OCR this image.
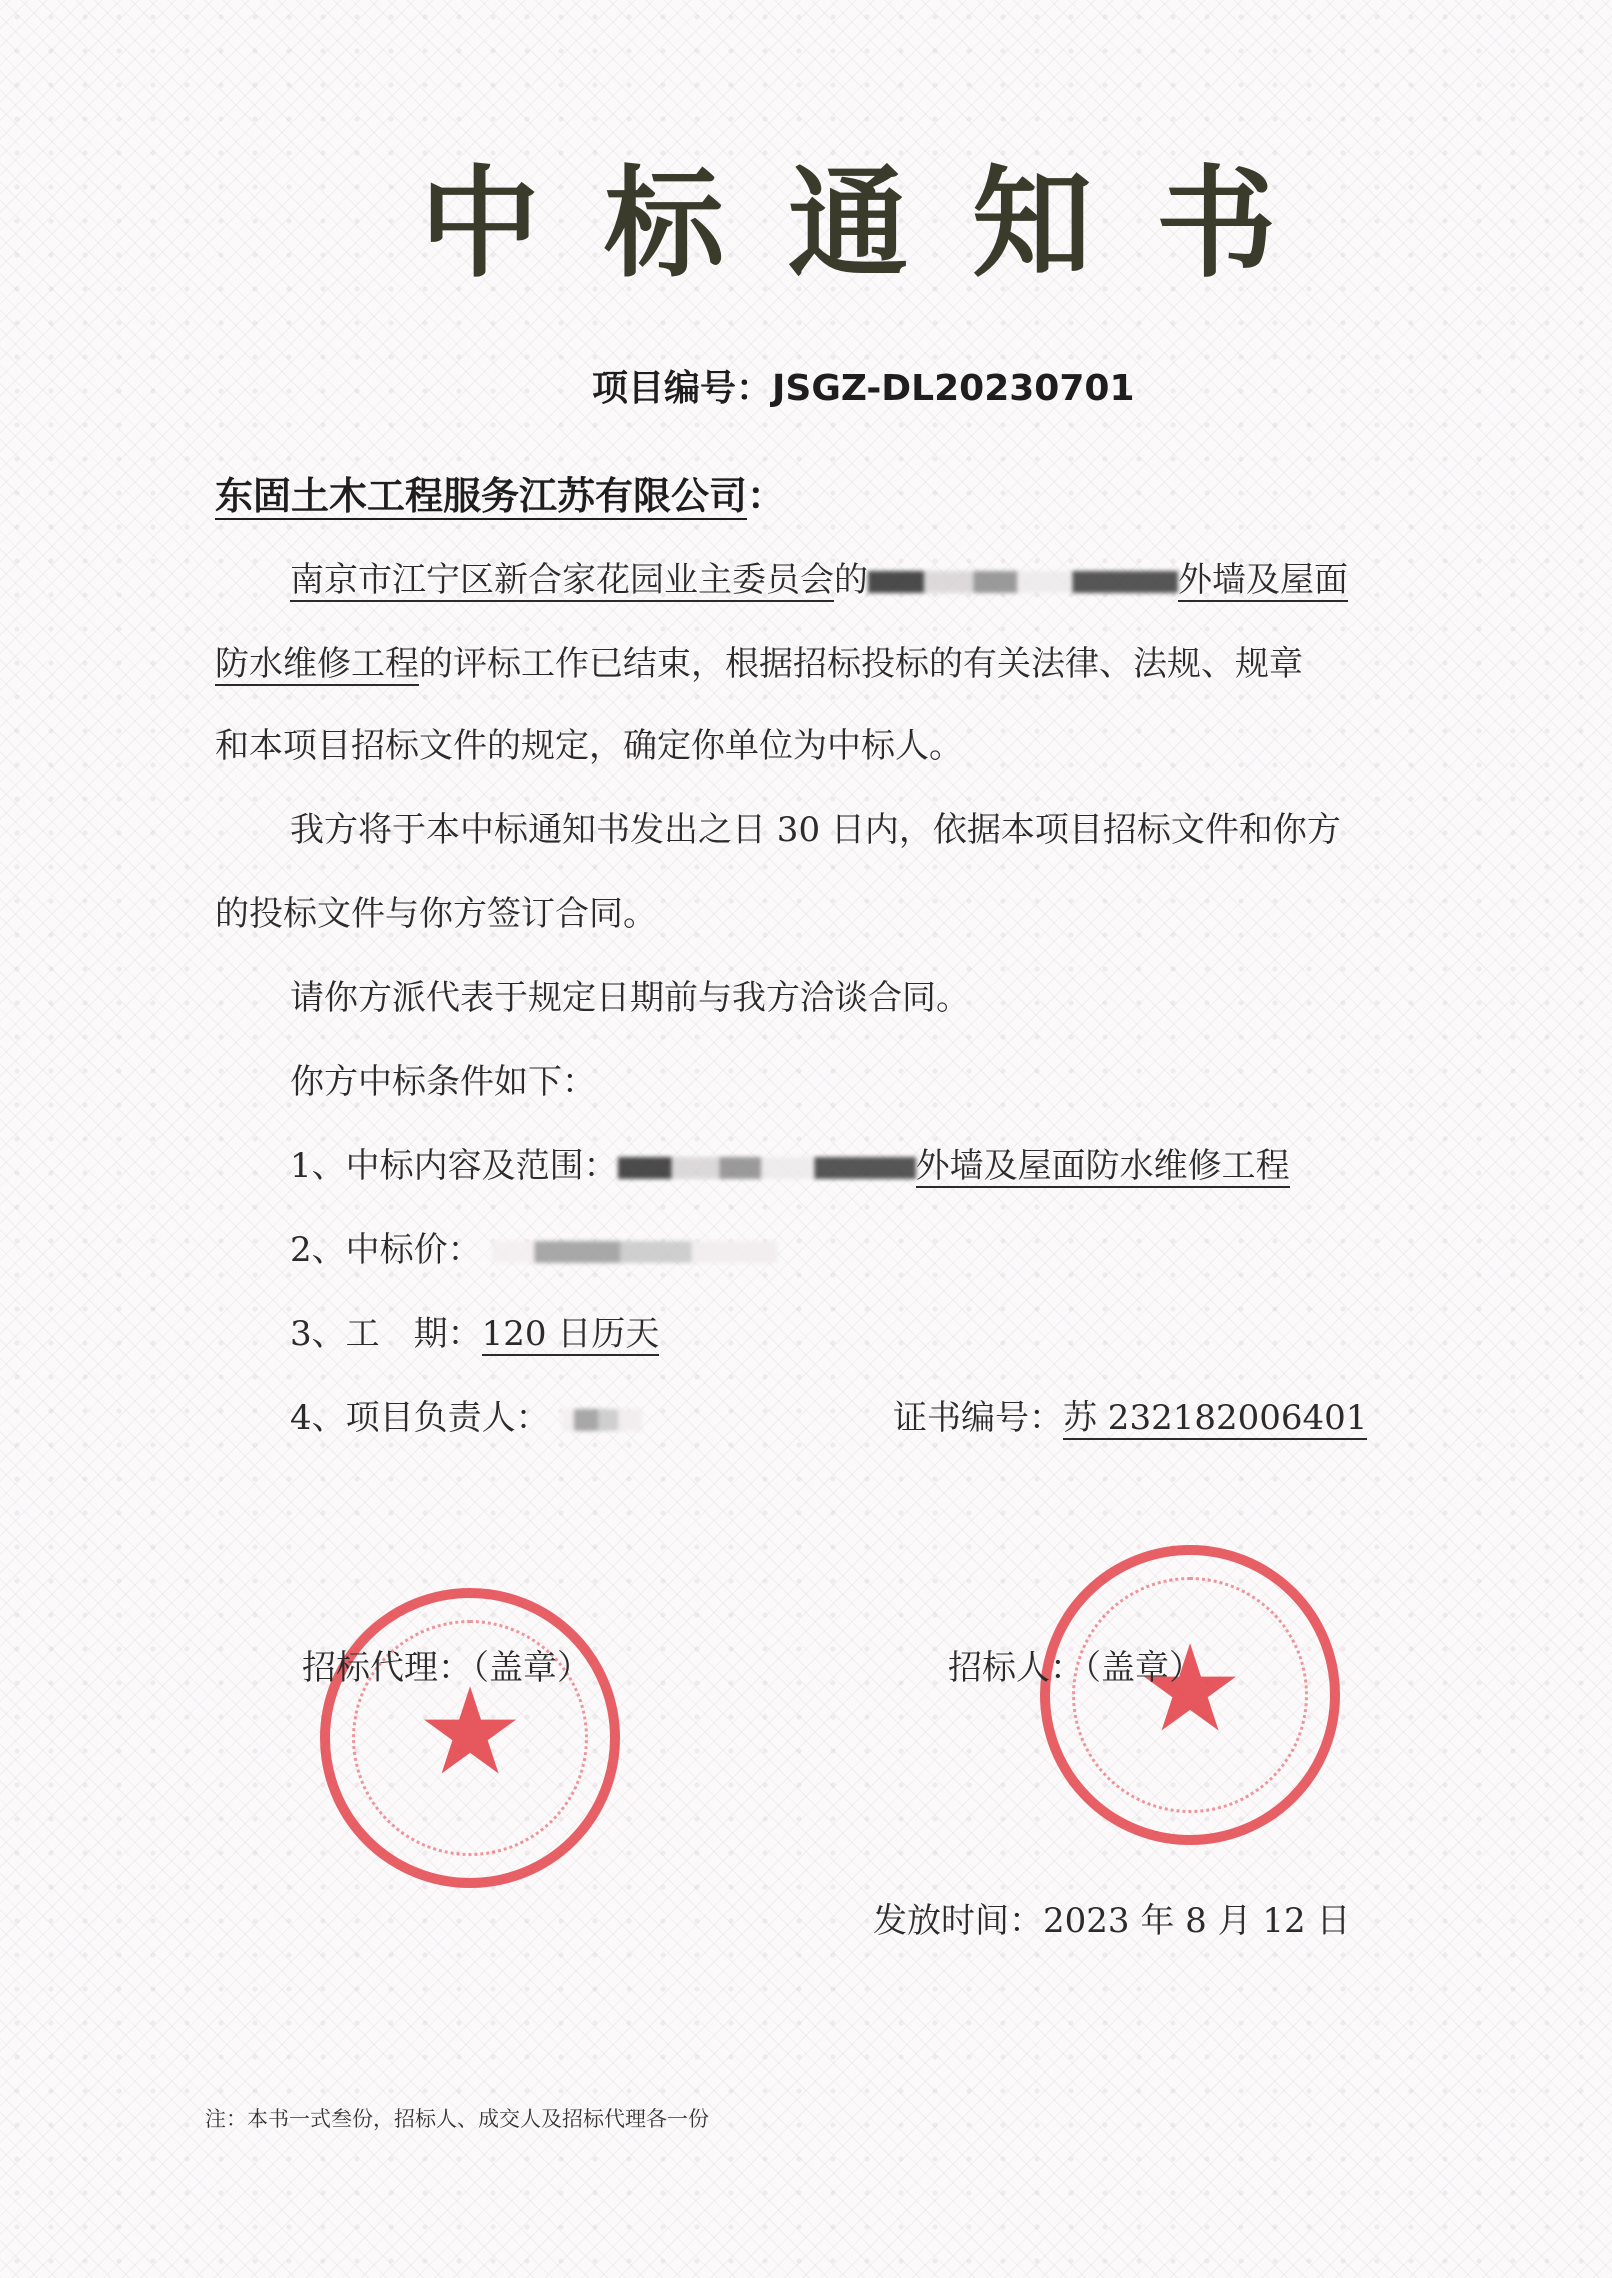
中标通知书
项目编号：JSGZ-DL20230701
东固土木工程服务江苏有限公司：
南京市江宁区新合家花园业主委员会的	外墙及屋面
防水维修工程的评标工作已结束，根据招标投标的有关法律、法规、规章
和本项目招标文件的规定，确定你单位为中标人。
我方将于本中标通知书发出之日 30 日内，依据本项目招标文件和你方
的投标文件与你方签订合同。
请你方派代表于规定日期前与我方洽谈合同。
你方中标条件如下：
1、中标内容及范围：	外墙及屋面防水维修工程
2、中标价：
3、工　期：120 日历天
4、项目负责人：	证书编号：苏 232182006401
★	★
招标代理：（盖章）	招标人：（盖章）
发放时间：2023 年 8 月 12 日
注：本书一式叁份，招标人、成交人及招标代理各一份
